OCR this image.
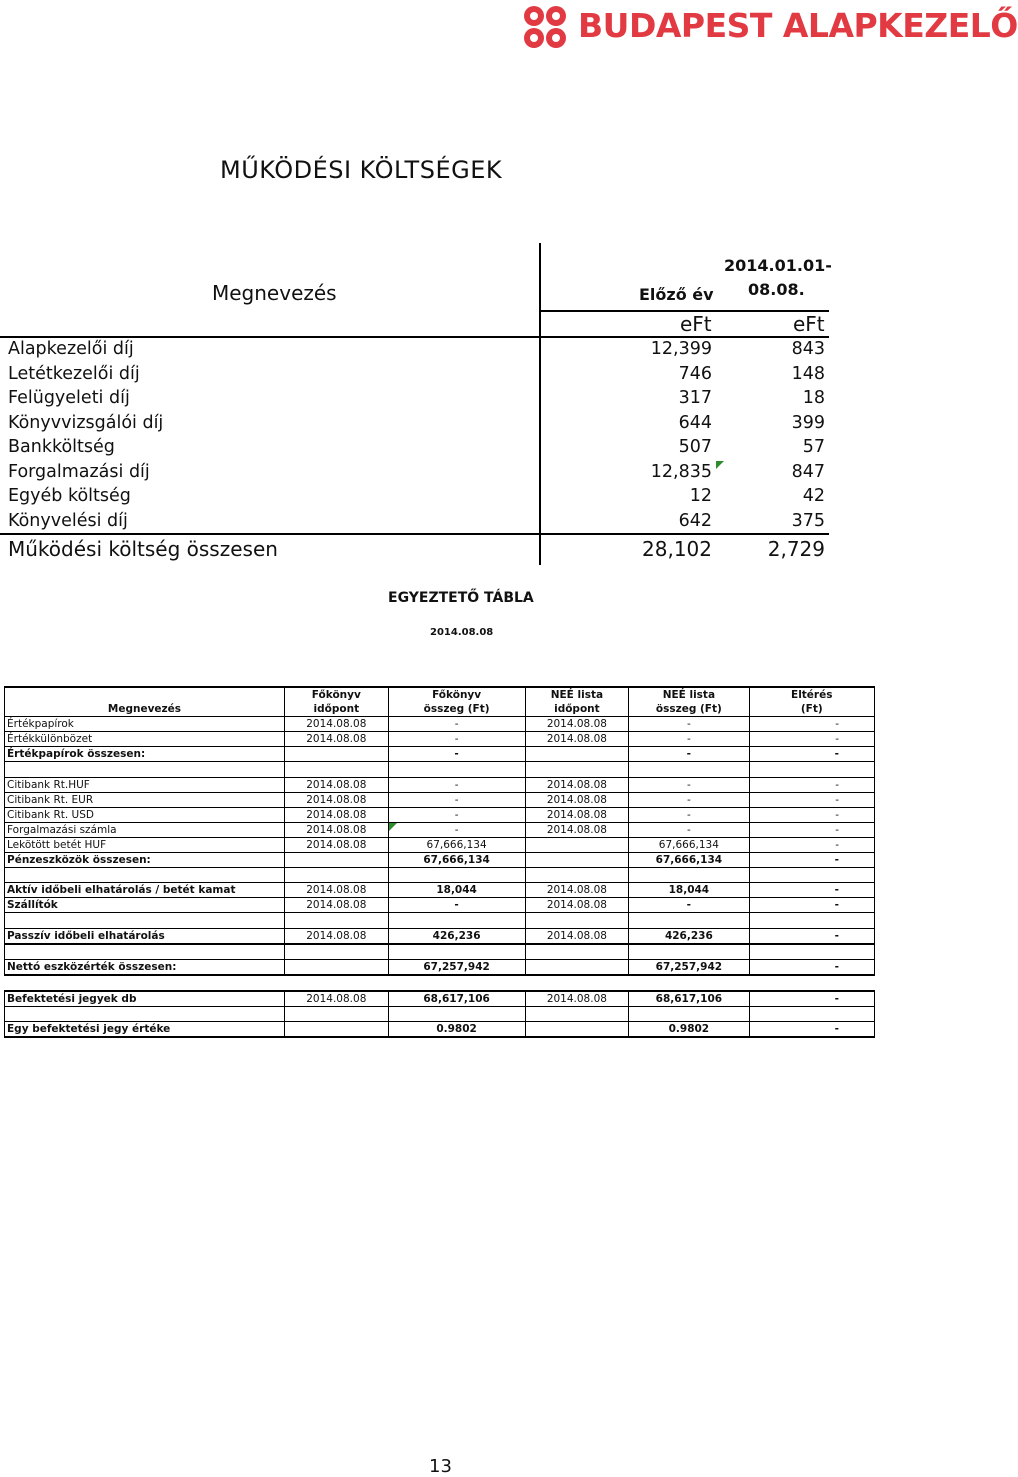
BUDAPEST ALAPKEZELŐ
MŰKÖDÉSI KÖLTSÉGEK
Megnevezés	Előző év
2014.01.01-
08.08.
eFt	eFt
Alapkezelői díj	12,399	843
Letétkezelői díj	746	148
Felügyeleti díj	317	18
Könyvvizsgálói díj	644	399
Bankköltség	507	57
Forgalmazási díj	12,835	847
Egyéb költség	12	42
Könyvelési díj	642	375
Működési költség összesen	28,102	2,729
EGYEZTETŐ TÁBLA
2014.08.08
	Főkönyv	Főkönyv	NEÉ lista	NEÉ lista	Eltérés
Megnevezés	időpont	összeg (Ft)	időpont	összeg (Ft)	(Ft)
Értékpapírok	2014.08.08	-	2014.08.08	-	-
Értékkülönbözet	2014.08.08	-	2014.08.08	-	-
Értékpapírok összesen:		-		-	-

Citibank Rt.HUF	2014.08.08	-	2014.08.08	-	-
Citibank Rt. EUR	2014.08.08	-	2014.08.08	-	-
Citibank Rt. USD	2014.08.08	-	2014.08.08	-	-
Forgalmazási számla	2014.08.08	-	2014.08.08	-	-
Lekötött betét HUF	2014.08.08	67,666,134		67,666,134	-
Pénzeszközök összesen:		67,666,134		67,666,134	-

Aktív időbeli elhatárolás / betét kamat	2014.08.08	18,044	2014.08.08	18,044	-
Szállítók	2014.08.08	-	2014.08.08	-	-

Passzív időbeli elhatárolás	2014.08.08	426,236	2014.08.08	426,236	-

Nettó eszközérték összesen:		67,257,942		67,257,942	-

Befektetési jegyek db	2014.08.08	68,617,106	2014.08.08	68,617,106	-

Egy befektetési jegy értéke		0.9802		0.9802	-
13
